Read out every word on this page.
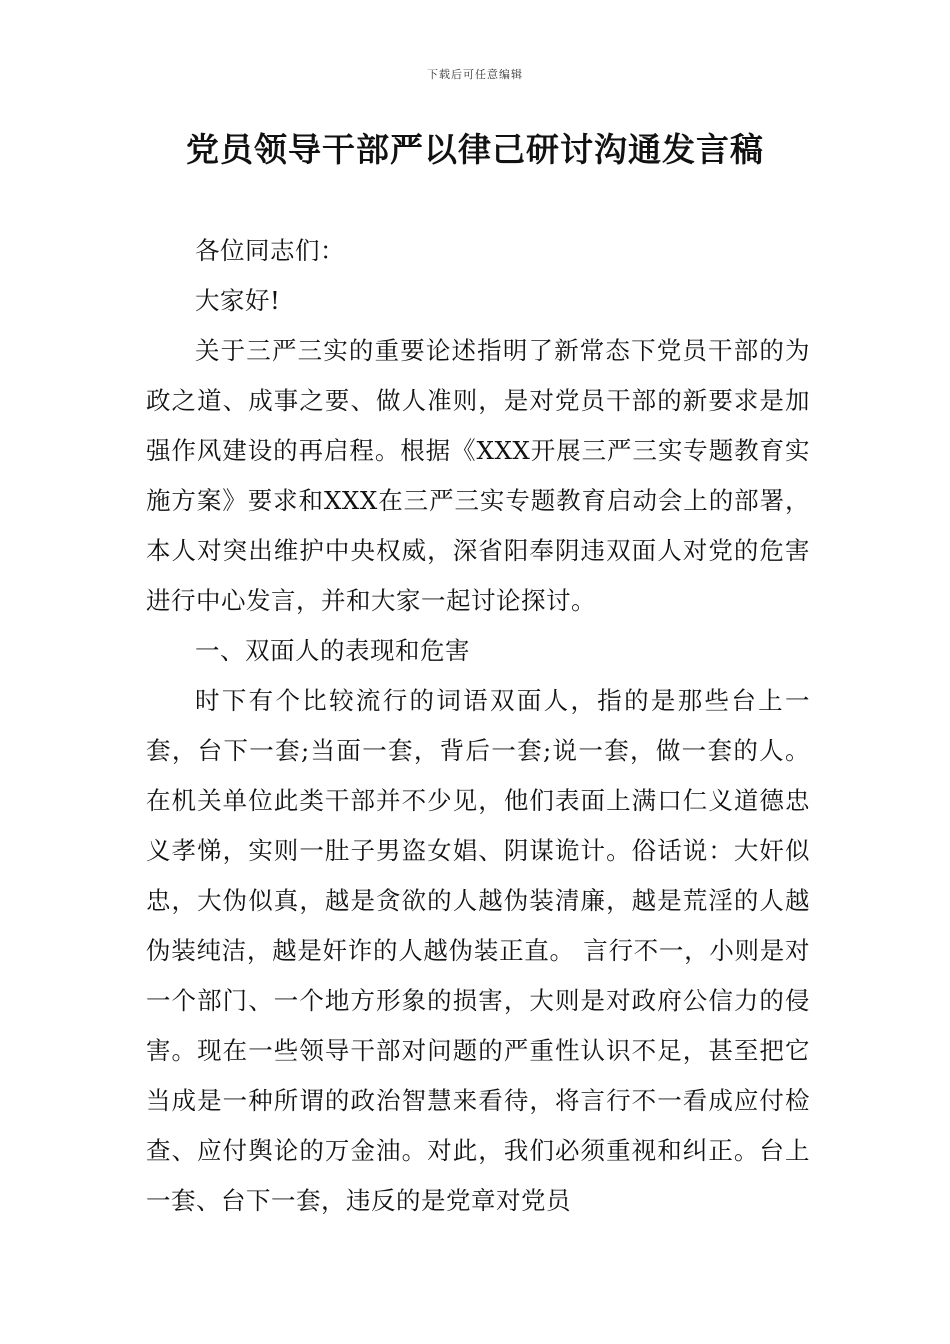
下载后可任意编辑
党员领导干部严以律己研讨沟通发言稿

各位同志们：

大家好!

关于三严三实的重要论述指明了新常态下党员干部的为政之道、成事之要、做人准则，是对党员干部的新要求是加强作风建设的再启程。根据《XXX开展三严三实专题教育实施方案》要求和XXX在三严三实专题教育启动会上的部署，本人对突出维护中央权威，深省阳奉阴违双面人对党的危害进行中心发言，并和大家一起讨论探讨。

一、双面人的表现和危害

时下有个比较流行的词语双面人，指的是那些台上一套，台下一套;当面一套，背后一套;说一套，做一套的人。在机关单位此类干部并不少见，他们表面上满口仁义道德忠义孝悌，实则一肚子男盗女娼、阴谋诡计。俗话说：大奸似忠，大伪似真，越是贪欲的人越伪装清廉，越是荒淫的人越伪装纯洁，越是奸诈的人越伪装正直。 言行不一，小则是对一个部门、一个地方形象的损害，大则是对政府公信力的侵害。现在一些领导干部对问题的严重性认识不足，甚至把它当成是一种所谓的政治智慧来看待，将言行不一看成应付检查、应付舆论的万金油。对此，我们必须重视和纠正。台上一套、台下一套，违反的是党章对党员
